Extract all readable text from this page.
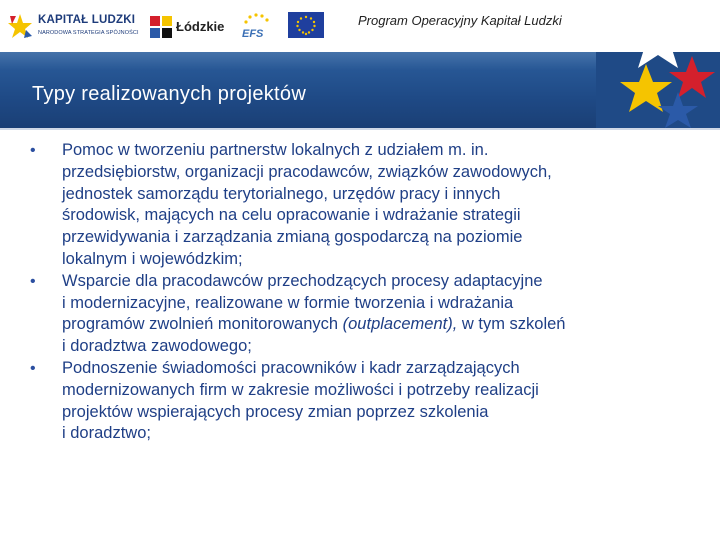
KAPITAŁ LUDZKI
NARODOWA STRATEGIA SPÓJNOŚCI	Łódzkie EFS
Program Operacyjny Kapitał Ludzki
Typy realizowanych projektów
• Pomoc w tworzeniu partnerstw lokalnych z udziałem m. in.

przedsiębiorstw, organizacji pracodawców, związków zawodowych,

jednostek samorządu terytorialnego, urzędów pracy i innych

środowisk, mających na celu opracowanie i wdrażanie strategii

przewidywania i zarządzania zmianą gospodarczą na poziomie

lokalnym i wojewódzkim;

• Wsparcie dla pracodawców przechodzących procesy adaptacyjne

i modernizacyjne, realizowane w formie tworzenia i wdrażania

programów zwolnień monitorowanych (outplacement), w tym szkoleń

i doradztwa zawodowego;

• Podnoszenie świadomości pracowników i kadr zarządzających

modernizowanych firm w zakresie możliwości i potrzeby realizacji

projektów wspierających procesy zmian poprzez szkolenia

i doradztwo;
